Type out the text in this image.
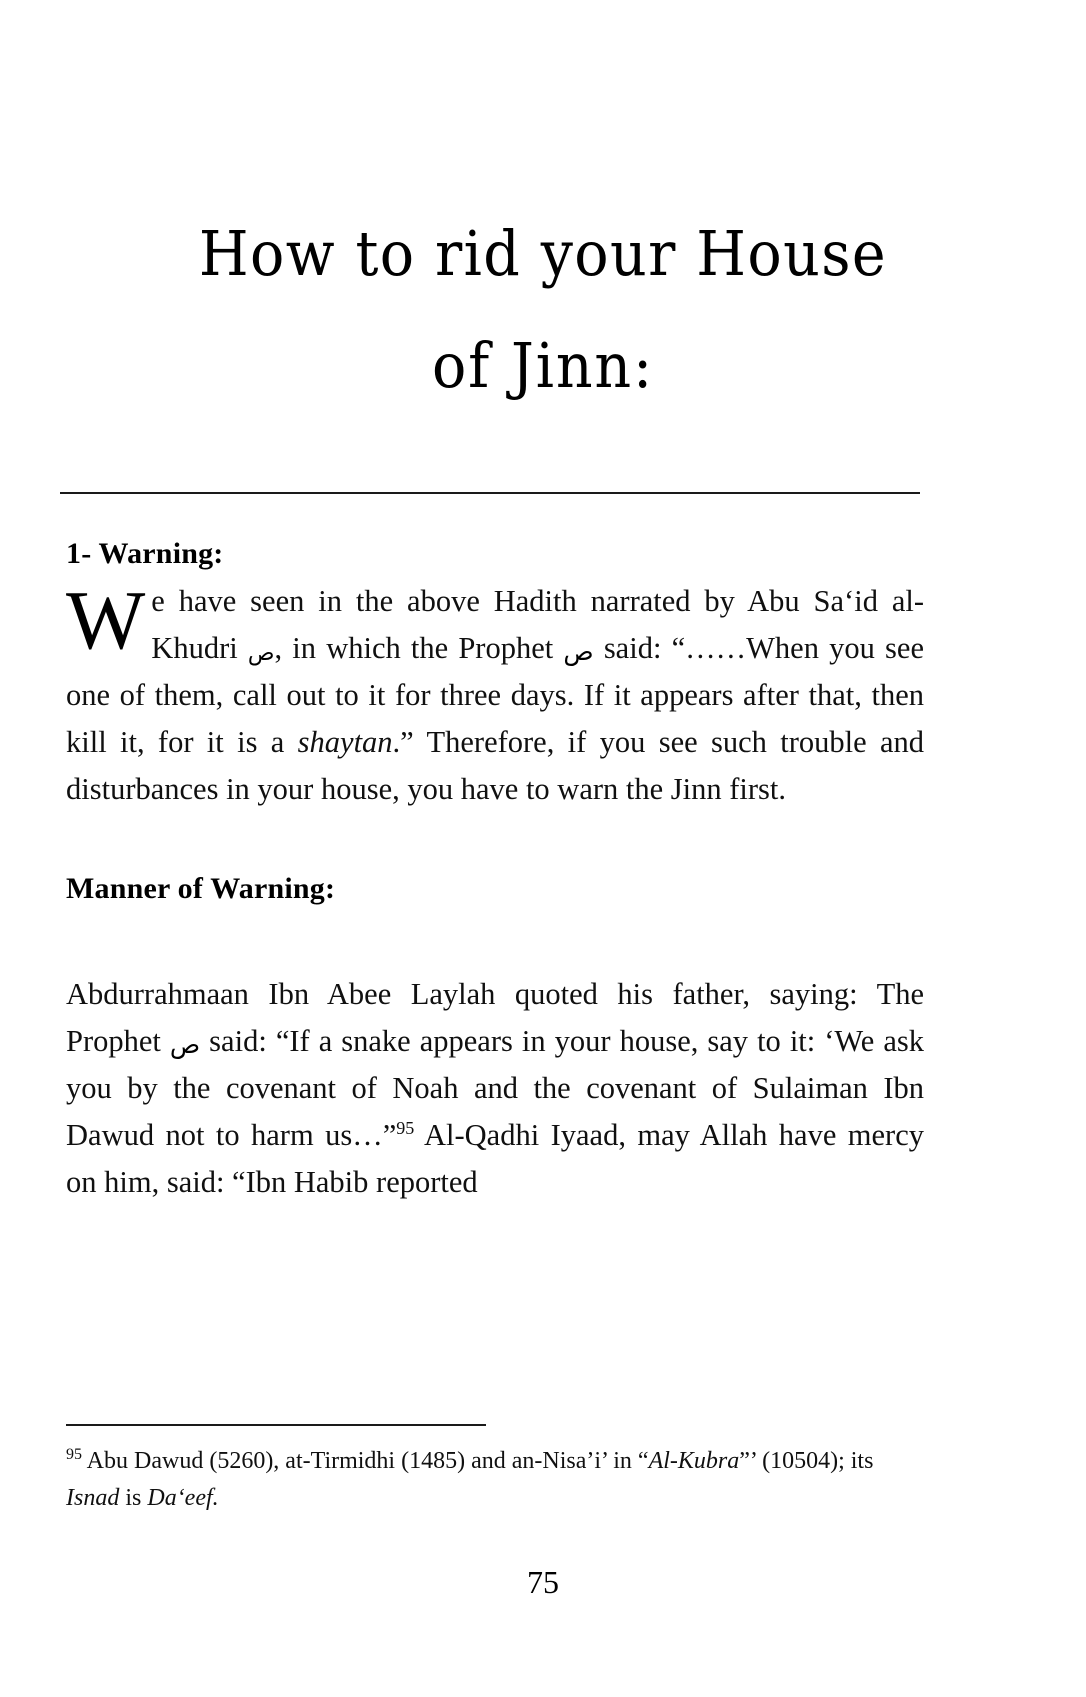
How to rid your House
of Jinn:
1- Warning:

We have seen in the above Hadith narrated by Abu Sa‘id al-Khudri ص, in which the Prophet ص said: “……When you see one of them, call out to it for three days. If it appears after that, then kill it, for it is a shaytan.” Therefore, if you see such trouble and disturbances in your house, you have to warn the Jinn first.

Manner of Warning:

Abdurrahmaan Ibn Abee Laylah quoted his father, saying: The Prophet ص said: “If a snake appears in your house, say to it: ‘We ask you by the covenant of Noah and the covenant of Sulaiman Ibn Dawud not to harm us…”$^{95}$ Al-Qadhi Iyaad, may Allah have mercy on him, said: “Ibn Habib reported

$^{95}$ Abu Dawud (5260), at-Tirmidhi (1485) and an-Nisa’i’ in “Al-Kubra”’ (10504); its Isnad is Da‘eef.
75
